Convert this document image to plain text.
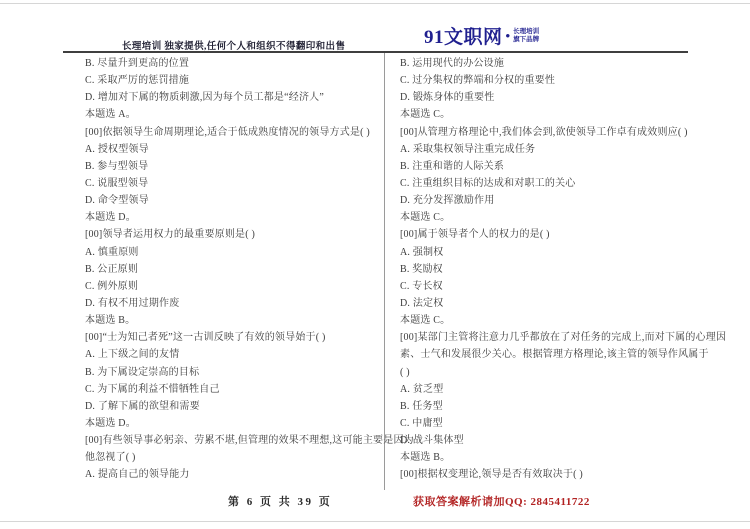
长理培训 独家提供,任何个人和组织不得翻印和出售	91文职网 • 长理培训
旗下品牌
B. 尽量升到更高的位置
C. 采取严厉的惩罚措施
D. 增加对下属的物质刺激,因为每个员工都是“经济人”
本题选 A。
[00]依据领导生命周期理论,适合于低成熟度情况的领导方式是( )
A. 授权型领导
B. 参与型领导
C. 说服型领导
D. 命令型领导
本题选 D。
[00]领导者运用权力的最重要原则是( )
A. 慎重原则
B. 公正原则
C. 例外原则
D. 有权不用过期作废
本题选 B。
[00]“士为知己者死”这一古训反映了有效的领导始于( )
A. 上下级之间的友情
B. 为下属设定崇高的目标
C. 为下属的利益不惜牺牲自己
D. 了解下属的欲望和需要
本题选 D。
[00]有些领导事必躬亲、劳累不堪,但管理的效果不理想,这可能主要是因为
他忽视了( )
A. 提高自己的领导能力
B. 运用现代的办公设施
C. 过分集权的弊端和分权的重要性
D. 锻炼身体的重要性
本题选 C。
[00]从管理方格理论中,我们体会到,欲使领导工作卓有成效则应( )
A. 采取集权领导注重完成任务
B. 注重和谐的人际关系
C. 注重组织目标的达成和对职工的关心
D. 充分发挥激励作用
本题选 C。
[00]属于领导者个人的权力的是( )
A. 强制权
B. 奖励权
C. 专长权
D. 法定权
本题选 C。
[00]某部门主管将注意力几乎都放在了对任务的完成上,而对下属的心理因
素、士气和发展很少关心。根据管理方格理论,该主管的领导作风属于
( )
A. 贫乏型
B. 任务型
C. 中庸型
D. 战斗集体型
本题选 B。
[00]根据权变理论,领导是否有效取决于( )
第 6 页 共 39 页	获取答案解析请加QQ: 2845411722
